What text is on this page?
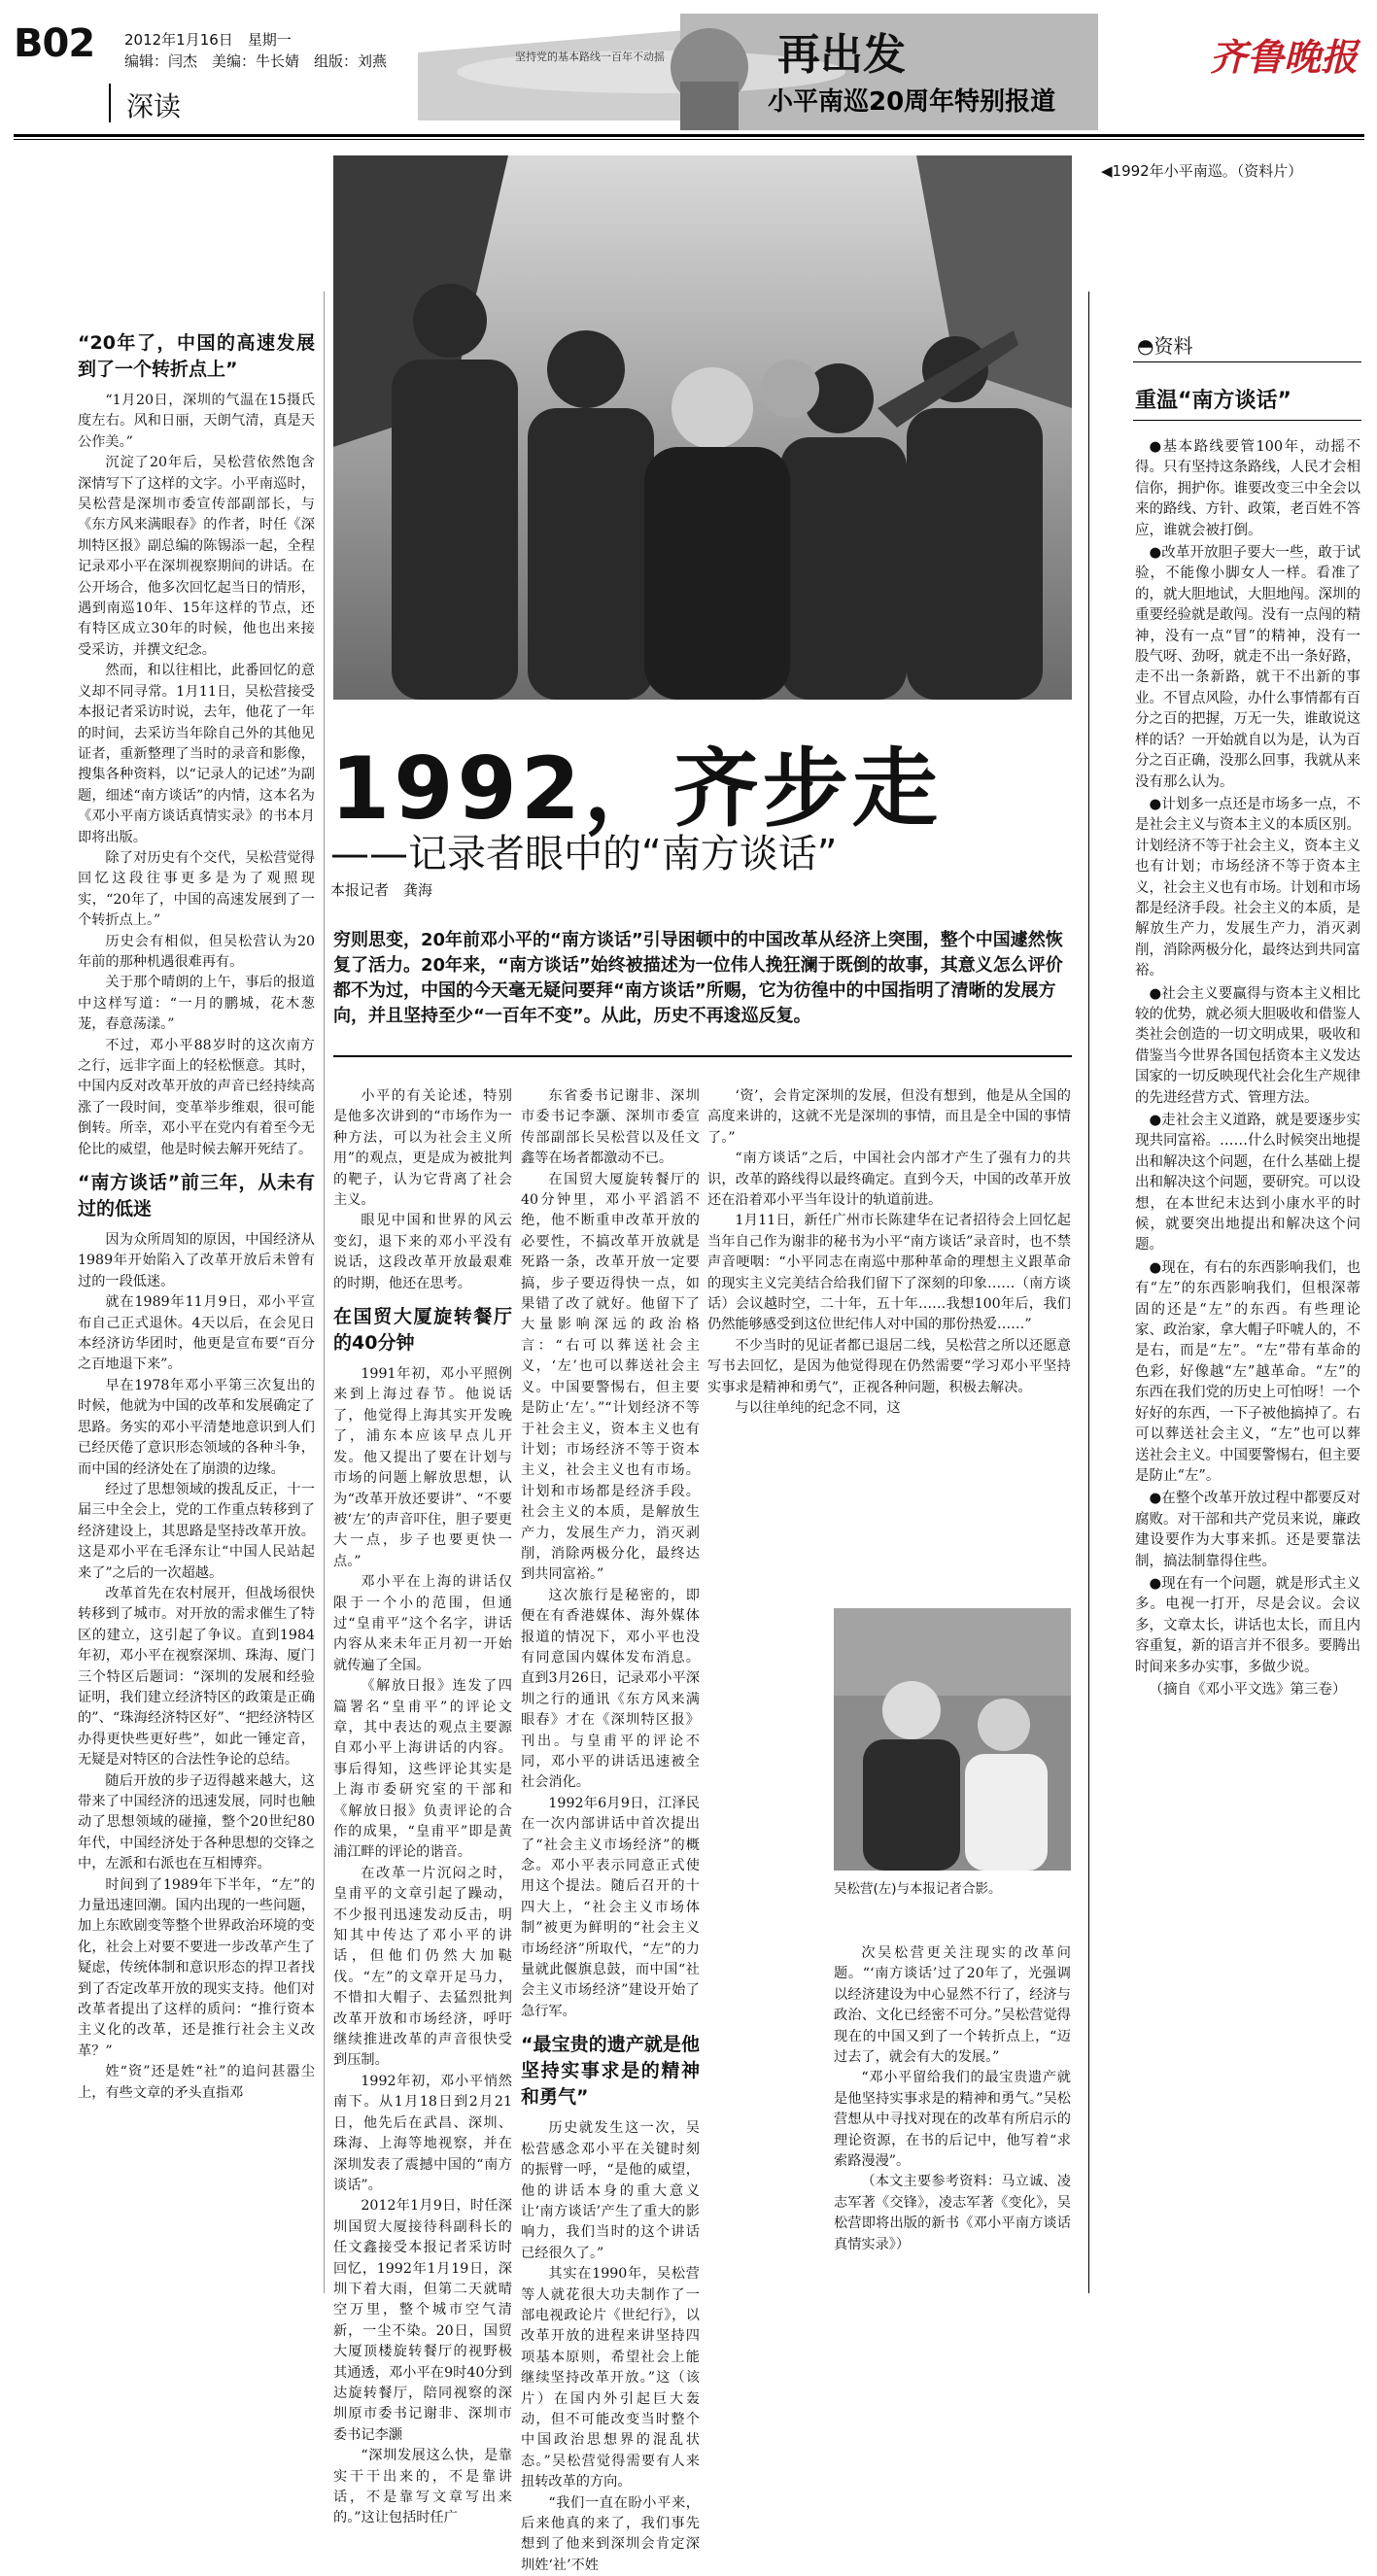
B02 2012年1月16日　星期一
编辑：闫杰　美编：牛长婧　组版：刘燕
深读
坚持党的基本路线一百年不动摇	再出发
小平南巡20周年特别报道
齐鲁晚报
◀1992年小平南巡。（资料片）
1992，齐步走
——记录者眼中的“南方谈话”
本报记者　龚海
穷则思变，20年前邓小平的“南方谈话”引导困顿中的中国改革从经济上突围，整个中国遽然恢复了活力。20年来，“南方谈话”始终被描述为一位伟人挽狂澜于既倒的故事，其意义怎么评价都不为过，中国的今天毫无疑问要拜“南方谈话”所赐，它为彷徨中的中国指明了清晰的发展方向，并且坚持至少“一百年不变”。从此，历史不再逡巡反复。
“20年了，中国的高速发展到了一个转折点上”

“1月20日，深圳的气温在15摄氏度左右。风和日丽，天朗气清，真是天公作美。”

沉淀了20年后，吴松营依然饱含深情写下了这样的文字。小平南巡时，吴松营是深圳市委宣传部副部长，与《东方风来满眼春》的作者，时任《深圳特区报》副总编的陈锡添一起，全程记录邓小平在深圳视察期间的讲话。在公开场合，他多次回忆起当日的情形，遇到南巡10年、15年这样的节点，还有特区成立30年的时候，他也出来接受采访，并撰文纪念。

然而，和以往相比，此番回忆的意义却不同寻常。1月11日，吴松营接受本报记者采访时说，去年，他花了一年的时间，去采访当年除自己外的其他见证者，重新整理了当时的录音和影像，搜集各种资料，以“记录人的记述”为副题，细述“南方谈话”的内情，这本名为《邓小平南方谈话真情实录》的书本月即将出版。

除了对历史有个交代，吴松营觉得回忆这段往事更多是为了观照现实，“20年了，中国的高速发展到了一个转折点上。”

历史会有相似，但吴松营认为20年前的那种机遇很难再有。

关于那个晴朗的上午，事后的报道中这样写道：“一月的鹏城，花木葱茏，春意荡漾。”

不过，邓小平88岁时的这次南方之行，远非字面上的轻松惬意。其时，中国内反对改革开放的声音已经持续高涨了一段时间，变革举步维艰，很可能倒转。所幸，邓小平在党内有着至今无伦比的威望，他是时候去解开死结了。

“南方谈话”前三年，从未有过的低迷

因为众所周知的原因，中国经济从1989年开始陷入了改革开放后未曾有过的一段低迷。

就在1989年11月9日，邓小平宣布自己正式退休。4天以后，在会见日本经济访华团时，他更是宣布要“百分之百地退下来”。

早在1978年邓小平第三次复出的时候，他就为中国的改革和发展确定了思路。务实的邓小平清楚地意识到人们已经厌倦了意识形态领域的各种斗争，而中国的经济处在了崩溃的边缘。

经过了思想领域的拨乱反正，十一届三中全会上，党的工作重点转移到了经济建设上，其思路是坚持改革开放。这是邓小平在毛泽东让“中国人民站起来了”之后的一次超越。

改革首先在农村展开，但战场很快转移到了城市。对开放的需求催生了特区的建立，这引起了争议。直到1984年初，邓小平在视察深圳、珠海、厦门三个特区后题词：“深圳的发展和经验证明，我们建立经济特区的政策是正确的”、“珠海经济特区好”、“把经济特区办得更快些更好些”，如此一锤定音，无疑是对特区的合法性争论的总结。

随后开放的步子迈得越来越大，这带来了中国经济的迅速发展，同时也触动了思想领域的碰撞，整个20世纪80年代，中国经济处于各种思想的交锋之中，左派和右派也在互相博弈。

时间到了1989年下半年，“左”的力量迅速回潮。国内出现的一些问题，加上东欧剧变等整个世界政治环境的变化，社会上对要不要进一步改革产生了疑虑，传统体制和意识形态的捍卫者找到了否定改革开放的现实支持。他们对改革者提出了这样的质问：“推行资本主义化的改革，还是推行社会主义改革？”

姓“资”还是姓“社”的追问甚嚣尘上，有些文章的矛头直指邓

小平的有关论述，特别是他多次讲到的“市场作为一种方法，可以为社会主义所用”的观点，更是成为被批判的靶子，认为它背离了社会主义。

眼见中国和世界的风云变幻，退下来的邓小平没有说话，这段改革开放最艰难的时期，他还在思考。

在国贸大厦旋转餐厅的40分钟

1991年初，邓小平照例来到上海过春节。他说话了，他觉得上海其实开发晚了，浦东本应该早点儿开发。他又提出了要在计划与市场的问题上解放思想，认为“改革开放还要讲”、“不要被‘左’的声音吓住，胆子要更大一点，步子也要更快一点。”

邓小平在上海的讲话仅限于一个小的范围，但通过“皇甫平”这个名字，讲话内容从来未年正月初一开始就传遍了全国。

《解放日报》连发了四篇署名“皇甫平”的评论文章，其中表达的观点主要源自邓小平上海讲话的内容。事后得知，这些评论其实是上海市委研究室的干部和《解放日报》负责评论的合作的成果，“皇甫平”即是黄浦江畔的评论的谐音。

在改革一片沉闷之时，皇甫平的文章引起了躁动，不少报刊迅速发动反击，明知其中传达了邓小平的讲话，但他们仍然大加鞑伐。“左”的文章开足马力，不惜扣大帽子、去猛烈批判改革开放和市场经济，呼吁继续推进改革的声音很快受到压制。

1992年初，邓小平悄然南下。从1月18日到2月21日，他先后在武昌、深圳、珠海、上海等地视察，并在深圳发表了震撼中国的“南方谈话”。

2012年1月9日，时任深圳国贸大厦接待科副科长的任文鑫接受本报记者采访时回忆，1992年1月19日，深圳下着大雨，但第二天就晴空万里，整个城市空气清新，一尘不染。20日，国贸大厦顶楼旋转餐厅的视野极其通透，邓小平在9时40分到达旋转餐厅，陪同视察的深圳原市委书记谢非、深圳市委书记李灏

“深圳发展这么快，是靠实干干出来的，不是靠讲话，不是靠写文章写出来的。”这让包括时任广

东省委书记谢非、深圳市委书记李灏、深圳市委宣传部副部长吴松营以及任文鑫等在场者都激动不已。

在国贸大厦旋转餐厅的40分钟里，邓小平滔滔不绝，他不断重申改革开放的必要性，不搞改革开放就是死路一条，改革开放一定要搞，步子要迈得快一点，如果错了改了就好。他留下了大量影响深远的政治格言：“右可以葬送社会主义，‘左’也可以葬送社会主义。中国要警惕右，但主要是防止‘左’。”“计划经济不等于社会主义，资本主义也有计划；市场经济不等于资本主义，社会主义也有市场。计划和市场都是经济手段。社会主义的本质，是解放生产力，发展生产力，消灭剥削，消除两极分化，最终达到共同富裕。”

这次旅行是秘密的，即便在有香港媒体、海外媒体报道的情况下，邓小平也没有同意国内媒体发布消息。直到3月26日，记录邓小平深圳之行的通讯《东方风来满眼春》才在《深圳特区报》刊出。与皇甫平的评论不同，邓小平的讲话迅速被全社会消化。

1992年6月9日，江泽民在一次内部讲话中首次提出了“社会主义市场经济”的概念。邓小平表示同意正式使用这个提法。随后召开的十四大上，“社会主义市场体制”被更为鲜明的“社会主义市场经济”所取代，“左”的力量就此偃旗息鼓，而中国“社会主义市场经济”建设开始了急行军。

“最宝贵的遗产就是他坚持实事求是的精神和勇气”

历史就发生这一次，吴松营感念邓小平在关键时刻的振臂一呼，“是他的威望，他的讲话本身的重大意义让‘南方谈话’产生了重大的影响力，我们当时的这个讲话已经很久了。”

其实在1990年，吴松营等人就花很大功夫制作了一部电视政论片《世纪行》，以改革开放的进程来讲坚持四项基本原则，希望社会上能继续坚持改革开放。”这（该片）在国内外引起巨大轰动，但不可能改变当时整个中国政治思想界的混乱状态。”吴松营觉得需要有人来扭转改革的方向。

“我们一直在盼小平来，后来他真的来了，我们事先想到了他来到深圳会肯定深圳姓‘社’不姓

‘资’，会肯定深圳的发展，但没有想到，他是从全国的高度来讲的，这就不光是深圳的事情，而且是全中国的事情了。”

“南方谈话”之后，中国社会内部才产生了强有力的共识，改革的路线得以最终确定。直到今天，中国的改革开放还在沿着邓小平当年设计的轨道前进。

1月11日，新任广州市长陈建华在记者招待会上回忆起当年自己作为谢非的秘书为小平“南方谈话”录音时，也不禁声音哽咽：“小平同志在南巡中那种革命的理想主义跟革命的现实主义完美结合给我们留下了深刻的印象……（南方谈话）会议越时空，二十年，五十年……我想100年后，我们仍然能够感受到这位世纪伟人对中国的那份热爱……”

不少当时的见证者都已退居二线，吴松营之所以还愿意写书去回忆，是因为他觉得现在仍然需要“学习邓小平坚持实事求是精神和勇气”，正视各种问题，积极去解决。

与以往单纯的纪念不同，这

吴松营(左)与本报记者合影。

次吴松营更关注现实的改革问题。“‘南方谈话’过了20年了，光强调以经济建设为中心显然不行了，经济与政治、文化已经密不可分。”吴松营觉得现在的中国又到了一个转折点上，“迈过去了，就会有大的发展。”

“邓小平留给我们的最宝贵遗产就是他坚持实事求是的精神和勇气。”吴松营想从中寻找对现在的改革有所启示的理论资源，在书的后记中，他写着“求索路漫漫”。

（本文主要参考资料：马立诚、凌志军著《交锋》，凌志军著《变化》，吴松营即将出版的新书《邓小平南方谈话真情实录》）

◓资料
重温“南方谈话”

●基本路线要管100年，动摇不得。只有坚持这条路线，人民才会相信你，拥护你。谁要改变三中全会以来的路线、方针、政策，老百姓不答应，谁就会被打倒。

●改革开放胆子要大一些，敢于试验，不能像小脚女人一样。看准了的，就大胆地试，大胆地闯。深圳的重要经验就是敢闯。没有一点闯的精神，没有一点“冒”的精神，没有一股气呀、劲呀，就走不出一条好路，走不出一条新路，就干不出新的事业。不冒点风险，办什么事情都有百分之百的把握，万无一失，谁敢说这样的话？一开始就自以为是，认为百分之百正确，没那么回事，我就从来没有那么认为。

●计划多一点还是市场多一点，不是社会主义与资本主义的本质区别。计划经济不等于社会主义，资本主义也有计划；市场经济不等于资本主义，社会主义也有市场。计划和市场都是经济手段。社会主义的本质，是解放生产力，发展生产力，消灭剥削，消除两极分化，最终达到共同富裕。

●社会主义要赢得与资本主义相比较的优势，就必须大胆吸收和借鉴人类社会创造的一切文明成果，吸收和借鉴当今世界各国包括资本主义发达国家的一切反映现代社会化生产规律的先进经营方式、管理方法。

●走社会主义道路，就是要逐步实现共同富裕。……什么时候突出地提出和解决这个问题，在什么基础上提出和解决这个问题，要研究。可以设想，在本世纪末达到小康水平的时候，就要突出地提出和解决这个问题。

●现在，有右的东西影响我们，也有“左”的东西影响我们，但根深蒂固的还是“左”的东西。有些理论家、政治家，拿大帽子吓唬人的，不是右，而是“左”。“左”带有革命的色彩，好像越“左”越革命。“左”的东西在我们党的历史上可怕呀！一个好好的东西，一下子被他搞掉了。右可以葬送社会主义，“左”也可以葬送社会主义。中国要警惕右，但主要是防止“左”。

●在整个改革开放过程中都要反对腐败。对干部和共产党员来说，廉政建设要作为大事来抓。还是要靠法制，搞法制靠得住些。

●现在有一个问题，就是形式主义多。电视一打开，尽是会议。会议多，文章太长，讲话也太长，而且内容重复，新的语言并不很多。要腾出时间来多办实事，多做少说。

（摘自《邓小平文选》第三卷）
